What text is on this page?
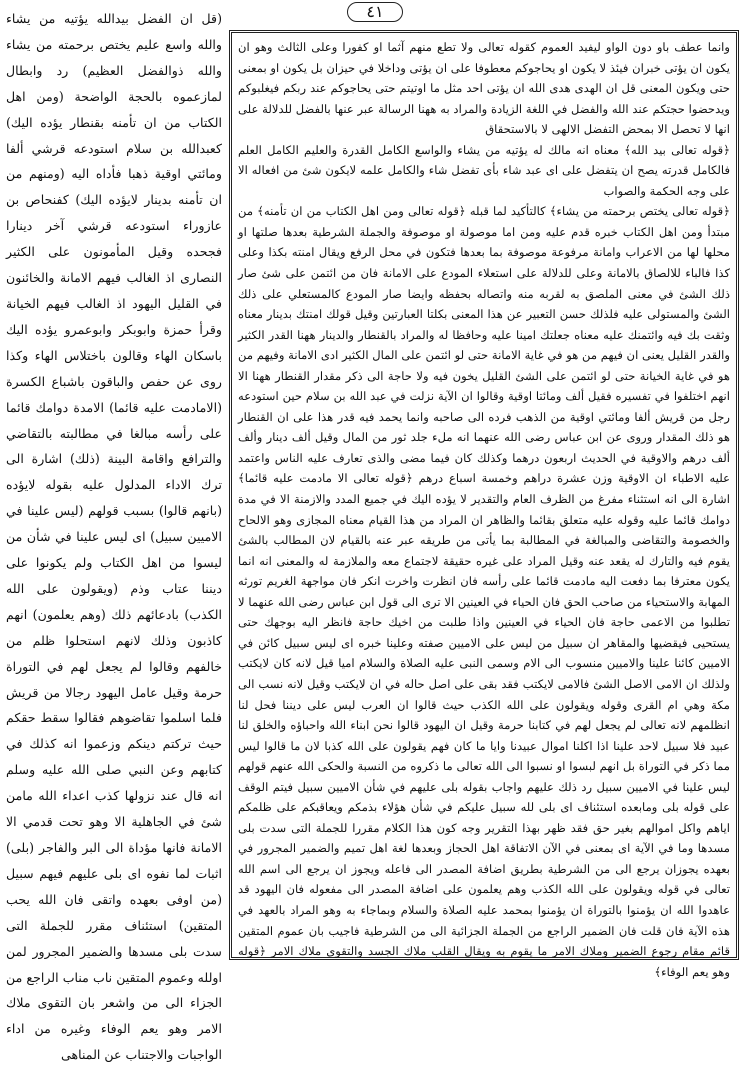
٤١

(قل ان الفضل بيدالله يؤتيه من يشاء والله واسع عليم يختص برحمته من يشاء والله ذوالفضل العظيم) رد وابطال لمازعموه بالحجة الواضحة (ومن اهل الكتاب من ان تأمنه بقنطار يؤده اليك) كعبدالله بن سلام استودعه قرشي ألفا ومائتي اوقية ذهبا فأداه اليه (ومنهم من ان تأمنه بدينار لايؤده اليك) كفنحاص بن عازوراء استودعه قرشي آخر دينارا فجحده وقيل المأمونون على الكثير النصارى اذ الغالب فيهم الامانة والخائنون في القليل اليهود اذ الغالب فيهم الخيانة وقرأ حمزة وابوبكر وابوعمرو يؤده اليك باسكان الهاء وقالون باختلاس الهاء وكذا روى عن حفص والباقون باشباع الكسرة (الامادمت عليه قائما) الامدة دوامك قائما على رأسه مبالغا في مطالبته بالتقاضي والترافع واقامة البينة (ذلك) اشارة الى ترك الاداء المدلول عليه بقوله لايؤده (بانهم قالوا) بسبب قولهم (ليس علينا في الاميين سبيل) اى ليس علينا في شأن من ليسوا من اهل الكتاب ولم يكونوا على ديننا عتاب وذم (ويقولون على الله الكذب) بادعائهم ذلك (وهم يعلمون) انهم كاذبون وذلك لانهم استحلوا ظلم من خالفهم وقالوا لم يجعل لهم في التوراة حرمة وقيل عامل اليهود رجالا من قريش فلما اسلموا تقاضوهم فقالوا سقط حقكم حيث تركتم دينكم وزعموا انه كذلك في كتابهم وعن النبي صلى الله عليه وسلم انه قال عند نزولها كذب اعداء الله مامن شئ في الجاهلية الا وهو تحت قدمي الا الامانة فانها مؤداة الى البر والفاجر (بلى) اثبات لما نفوه اى بلى عليهم فيهم سبيل (من اوفى بعهده واتقى فان الله يحب المتقين) استئناف مقرر للجملة التى سدت بلى مسدها والضمير المجرور لمن اولله وعموم المتقين ناب مناب الراجع من الجزاء الى من واشعر بان التقوى ملاك الامر وهو يعم الوفاء وغيره من اداء الواجبات والاجتناب عن المناهى

وانما عطف باو دون الواو ليفيد العموم كقوله تعالى ولا تطع منهم آثما او كفورا وعلى الثالث وهو ان يكون ان يؤتى خبران فيئذ لا يكون او يحاجوكم معطوفا على ان يؤتى وداخلا في حيزان بل يكون او بمعنى حتى ويكون المعنى قل ان الهدى هدى الله ان يؤتى احد مثل ما اوتيتم حتى يحاجوكم عند ربكم فيغلبوكم ويدحضوا حجتكم عند الله والفضل في اللغة الزيادة والمراد به ههنا الرسالة عبر عنها بالفضل للدلالة على انها لا تحصل الا بمحض التفضل الالهى لا بالاستحقاق

﴿قوله تعالى بيد الله﴾ معناه انه مالك له يؤتيه من يشاء والواسع الكامل القدرة والعليم الكامل العلم فالكامل قدرته يصح ان يتفضل على اى عبد شاء بأى تفضل شاء والكامل علمه لايكون شئ من افعاله الا على وجه الحكمة والصواب

﴿قوله تعالى يختص برحمته من يشاء﴾ كالتأكيد لما قبله ﴿قوله تعالى ومن اهل الكتاب من ان تأمنه﴾ من مبتدأ ومن اهل الكتاب خبره قدم عليه ومن اما موصولة او موصوفة والجملة الشرطية بعدها صلتها او محلها لها من الاعراب وامانة مرفوعة موصوفة بما بعدها فتكون في محل الرفع ويقال امنته بكذا وعلى كذا فالباء للالصاق بالامانة وعلى للدلالة على استعلاء المودع على الامانة فان من ائتمن على شئ صار ذلك الشئ في معنى الملصق به لقربه منه واتصاله بحفظه وايضا صار المودع كالمستعلي على ذلك الشئ والمستولى عليه فلذلك حسن التعبير عن هذا المعنى بكلتا العبارتين وقيل قولك امنتك بدينار معناه وثقت بك فيه وائتمنك عليه معناه جعلتك امينا عليه وحافظا له والمراد بالقنطار والدينار ههنا القدر الكثير والقدر القليل يعنى ان فيهم من هو في غاية الامانة حتى لو ائتمن على المال الكثير ادى الامانة وفيهم من هو في غاية الخيانة حتى لو ائتمن على الشئ القليل يخون فيه ولا حاجة الى ذكر مقدار القنطار ههنا الا انهم اختلفوا في تفسيره فقيل ألف ومائتا اوقية وقالوا ان الآية نزلت في عبد الله بن سلام حين استودعه رجل من قريش ألفا ومائتي اوقية من الذهب فرده الى صاحبه وانما يحمد فيه قدر هذا على ان القنطار هو ذلك المقدار وروى عن ابن عباس رضى الله عنهما انه ملء جلد ثور من المال وقيل ألف دينار وألف ألف درهم والاوقية في الحديث اربعون درهما وكذلك كان فيما مضى والذى تعارف عليه الناس واعتمد عليه الاطباء ان الاوقية وزن عشرة دراهم وخمسة اسباع درهم ﴿قوله تعالى الا مادمت عليه قائما﴾ اشارة الى انه استثناء مفرغ من الظرف العام والتقدير لا يؤده اليك في جميع المدد والازمنة الا في مدة دوامك قائما عليه وقوله عليه متعلق بقائما والظاهر ان المراد من هذا القيام معناه المجازى وهو الالحاح والخصومة والتقاضى والمبالغة في المطالبة بما يأتى من طريقه عبر عنه بالقيام لان المطالب بالشئ يقوم فيه والتارك له يقعد عنه وقيل المراد على غيره حقيقة لاجتماع معه والملازمة له والمعنى انه انما يكون معترفا بما دفعت اليه مادمت قائما على رأسه فان انظرت واخرت انكر فان مواجهة الغريم تورثه المهابة والاستحياء من صاحب الحق فان الحياء في العينين الا ترى الى قول ابن عباس رضى الله عنهما لا تطلبوا من الاعمى حاجة فان الحياء في العينين واذا طلبت من اخيك حاجة فانظر اليه بوجهك حتى يستحيى فيقضيها والمقاهر ان سبيل من ليس على الاميين صفته وعلينا خبره اى ليس سبيل كائن في الاميين كائنا علينا والاميين منسوب الى الام وسمى النبى عليه الصلاة والسلام اميا قيل لانه كان لايكتب ولذلك ان الامى الاصل الشئ فالامى لايكتب فقد بقى على اصل حاله في ان لايكتب وقيل لانه نسب الى مكة وهي ام القرى وقوله ويقولون على الله الكذب حيث قالوا ان العرب ليس على ديننا فحل لنا انظلمهم لانه تعالى لم يجعل لهم في كتابنا حرمة وقيل ان اليهود قالوا نحن ابناء الله واحباؤه والخلق لنا عبيد فلا سبيل لاحد علينا اذا اكلنا اموال عبيدنا وايا ما كان فهم يقولون على الله كذبا لان ما قالوا ليس مما ذكر في التوراة بل انهم لبسوا او نسبوا الى الله تعالى ما ذكروه من النسبة والحكى الله عنهم قولهم ليس علينا في الاميين سبيل رد ذلك عليهم واجاب بقوله بلى عليهم في شأن الاميين سبيل فيتم الوقف على قوله بلى ومابعده استئناف اى بلى لله سبيل عليكم في شأن هؤلاء بذمكم ويعاقبكم على ظلمكم اياهم واكل اموالهم بغير حق فقد ظهر بهذا التقرير وجه كون هذا الكلام مقررا للجملة التى سدت بلى مسدها وما في الآية اى بمعنى في الآن الاتفاقة اهل الحجاز وبعدها لغة اهل تميم والضمير المجرور في بعهده يجوزان يرجع الى من الشرطية بطريق اضافة المصدر الى فاعله ويجوز ان يرجع الى اسم الله تعالى في قوله ويقولون على الله الكذب وهم يعلمون على اضافة المصدر الى مفعوله فان اليهود قد عاهدوا الله ان يؤمنوا بالتوراة ان يؤمنوا بمحمد عليه الصلاة والسلام وبماجاء به وهو المراد بالعهد في هذه الآية فان قلت فان الضمير الراجع من الجملة الجزائية الى من الشرطية فاجيب بان عموم المتقين قائم مقام رجوع الضمير وملاك الامر ما يقوم به ويقال القلب ملاك الجسد والتقوى ملاك الامر ﴿قوله وهو يعم الوفاء﴾
